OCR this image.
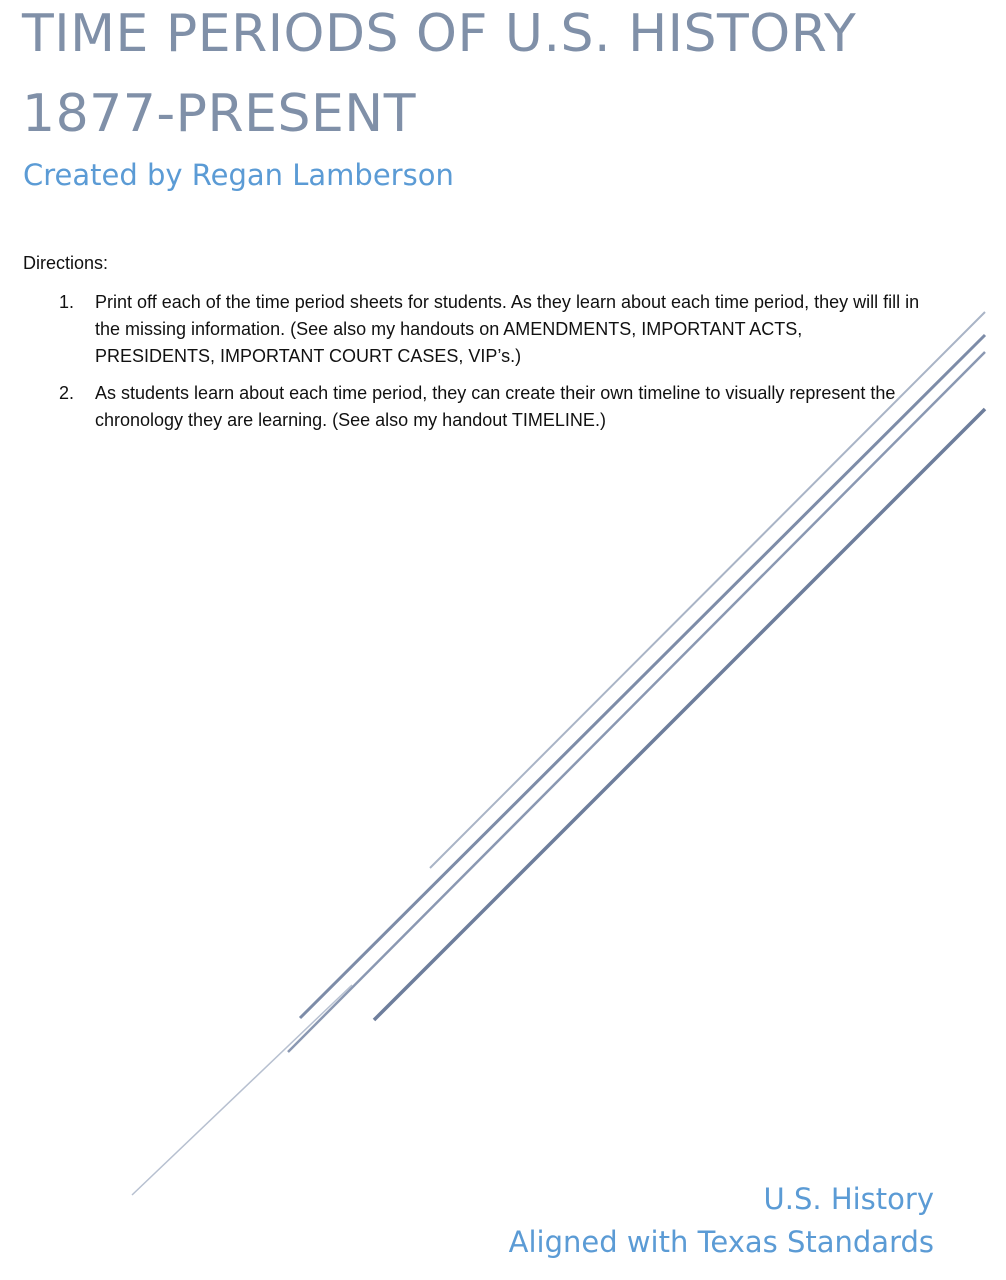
TIME PERIODS OF U.S. HISTORY
1877-PRESENT
Created by Regan Lamberson
Directions:
1. Print off each of the time period sheets for students. As they learn about each time period, they will fill in the missing information. (See also my handouts on AMENDMENTS, IMPORTANT ACTS, PRESIDENTS, IMPORTANT COURT CASES, VIP’s.)
2. As students learn about each time period, they can create their own timeline to visually represent the chronology they are learning. (See also my handout TIMELINE.)
U.S. History
Aligned with Texas Standards
